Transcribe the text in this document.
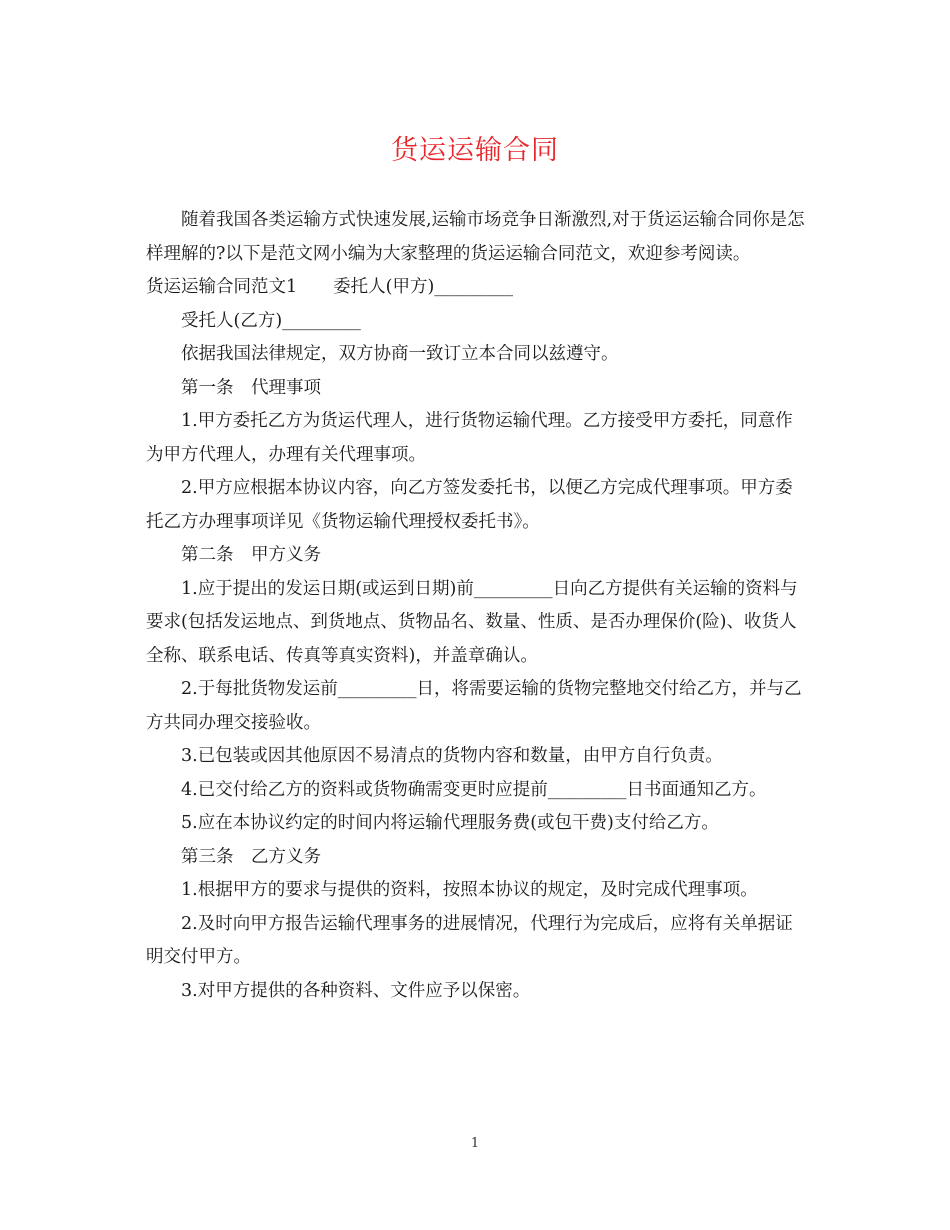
货运运输合同

随着我国各类运输方式快速发展,运输市场竞争日渐激烈,对于货运运输合同你是怎样理解的?以下是范文网小编为大家整理的货运运输合同范文，欢迎参考阅读。

货运运输合同范文1 委托人(甲方)_________

受托人(乙方)_________

依据我国法律规定，双方协商一致订立本合同以兹遵守。

第一条　代理事项

1.甲方委托乙方为货运代理人，进行货物运输代理。乙方接受甲方委托，同意作为甲方代理人，办理有关代理事项。

2.甲方应根据本协议内容，向乙方签发委托书，以便乙方完成代理事项。甲方委托乙方办理事项详见《货物运输代理授权委托书》。

第二条　甲方义务

1.应于提出的发运日期(或运到日期)前_________日向乙方提供有关运输的资料与要求(包括发运地点、到货地点、货物品名、数量、性质、是否办理保价(险)、收货人全称、联系电话、传真等真实资料)，并盖章确认。

2.于每批货物发运前_________日，将需要运输的货物完整地交付给乙方，并与乙方共同办理交接验收。

3.已包装或因其他原因不易清点的货物内容和数量，由甲方自行负责。

4.已交付给乙方的资料或货物确需变更时应提前_________日书面通知乙方。

5.应在本协议约定的时间内将运输代理服务费(或包干费)支付给乙方。

第三条　乙方义务

1.根据甲方的要求与提供的资料，按照本协议的规定，及时完成代理事项。

2.及时向甲方报告运输代理事务的进展情况，代理行为完成后，应将有关单据证明交付甲方。

3.对甲方提供的各种资料、文件应予以保密。

1
